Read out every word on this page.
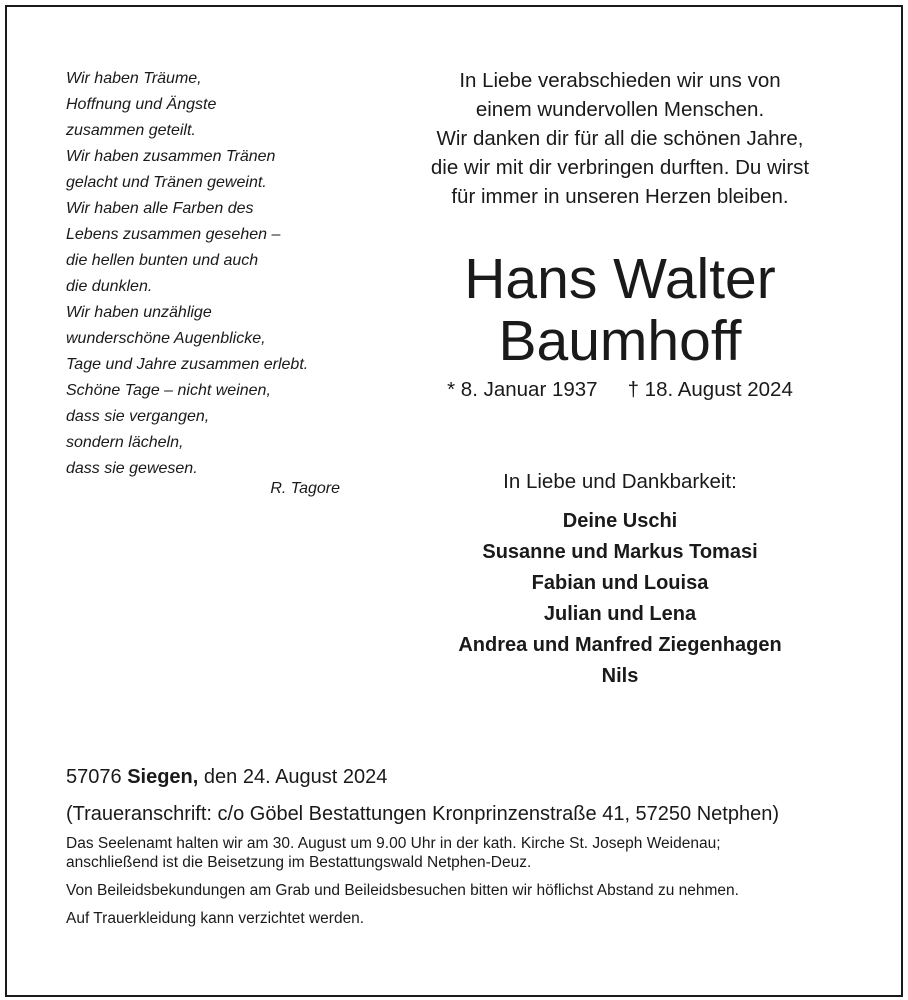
Wir haben Träume,
Hoffnung und Ängste
zusammen geteilt.
Wir haben zusammen Tränen
gelacht und Tränen geweint.
Wir haben alle Farben des
Lebens zusammen gesehen –
die hellen bunten und auch
die dunklen.
Wir haben unzählige
wunderschöne Augenblicke,
Tage und Jahre zusammen erlebt.
Schöne Tage – nicht weinen,
dass sie vergangen,
sondern lächeln,
dass sie gewesen.
R. Tagore
In Liebe verabschieden wir uns von
einem wundervollen Menschen.
Wir danken dir für all die schönen Jahre,
die wir mit dir verbringen durften. Du wirst
für immer in unseren Herzen bleiben.
Hans Walter
Baumhoff
* 8. Januar 1937 † 18. August 2024
In Liebe und Dankbarkeit:
Deine Uschi
Susanne und Markus Tomasi
Fabian und Louisa
Julian und Lena
Andrea und Manfred Ziegenhagen
Nils
57076 Siegen, den 24. August 2024
(Traueranschrift: c/o Göbel Bestattungen Kronprinzenstraße 41, 57250 Netphen)

Das Seelenamt halten wir am 30. August um 9.00 Uhr in der kath. Kirche St. Joseph Weidenau;
anschließend ist die Beisetzung im Bestattungswald Netphen-Deuz.

Von Beileidsbekundungen am Grab und Beileidsbesuchen bitten wir höflichst Abstand zu nehmen.

Auf Trauerkleidung kann verzichtet werden.
